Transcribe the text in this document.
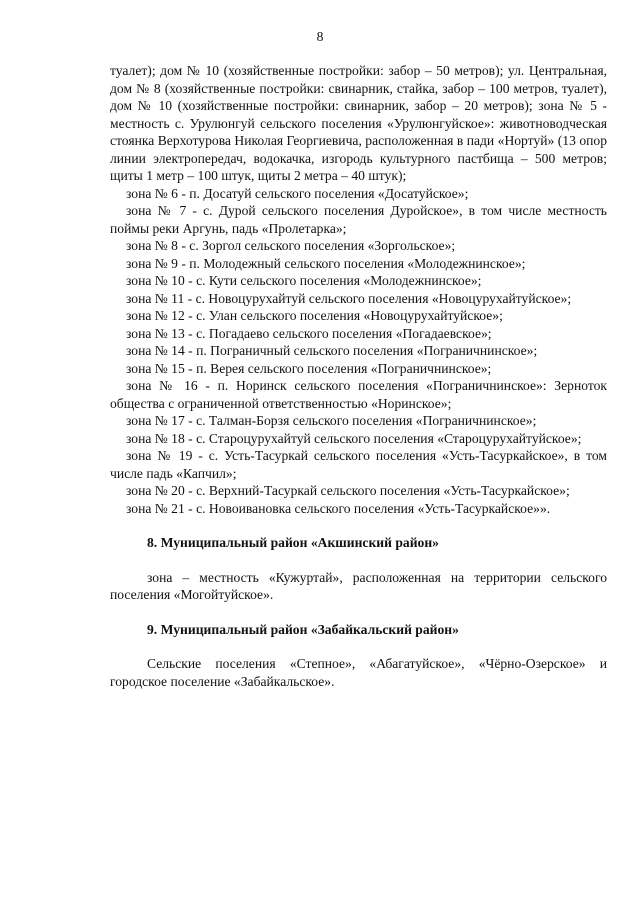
8

туалет); дом № 10 (хозяйственные постройки: забор – 50 метров); ул. Центральная, дом № 8 (хозяйственные постройки: свинарник, стайка, забор – 100 метров, туалет), дом № 10 (хозяйственные постройки: свинарник, забор – 20 метров); зона № 5 - местность с. Урулюнгуй сельского поселения «Урулюнгуйское»: животноводческая стоянка Верхотурова Николая Георгиевича, расположенная в пади «Нортуй» (13 опор линии электропередач, водокачка, изгородь культурного пастбища – 500 метров; щиты 1 метр – 100 штук, щиты 2 метра – 40 штук);

зона № 6 - п. Досатуй сельского поселения «Досатуйское»;

зона № 7 - с. Дурой сельского поселения Дуройское», в том числе местность поймы реки Аргунь, падь «Пролетарка»;

зона № 8 - с. Зоргол сельского поселения «Зоргольское»;

зона № 9 - п. Молодежный сельского поселения «Молодежнинское»;

зона № 10 - с. Кути сельского поселения «Молодежнинское»;

зона № 11 - с. Новоцурухайтуй сельского поселения «Новоцурухайтуйское»;

зона № 12 - с. Улан сельского поселения «Новоцурухайтуйское»;

зона № 13 - с. Погадаево сельского поселения «Погадаевское»;

зона № 14 - п. Пограничный сельского поселения «Пограничнинское»;

зона № 15 - п. Верея сельского поселения «Пограничнинское»;

зона № 16 - п. Норинск сельского поселения «Пограничнинское»: Зерноток общества с ограниченной ответственностью «Норинское»;

зона № 17 - с. Талман-Борзя сельского поселения «Пограничнинское»;

зона № 18 - с. Староцурухайтуй сельского поселения «Староцурухайтуйское»;

зона № 19 - с. Усть-Тасуркай сельского поселения «Усть-Тасуркайское», в том числе падь «Капчил»;

зона № 20 - с. Верхний-Тасуркай сельского поселения «Усть-Тасуркайское»;

зона № 21 - с. Новоивановка сельского поселения «Усть-Тасуркайское»».

8. Муниципальный район «Акшинский район»

зона – местность «Кужуртай», расположенная на территории сельского поселения «Могойтуйское».

9. Муниципальный район «Забайкальский район»

Сельские поселения «Степное», «Абагатуйское», «Чёрно-Озерское» и городское поселение «Забайкальское».
